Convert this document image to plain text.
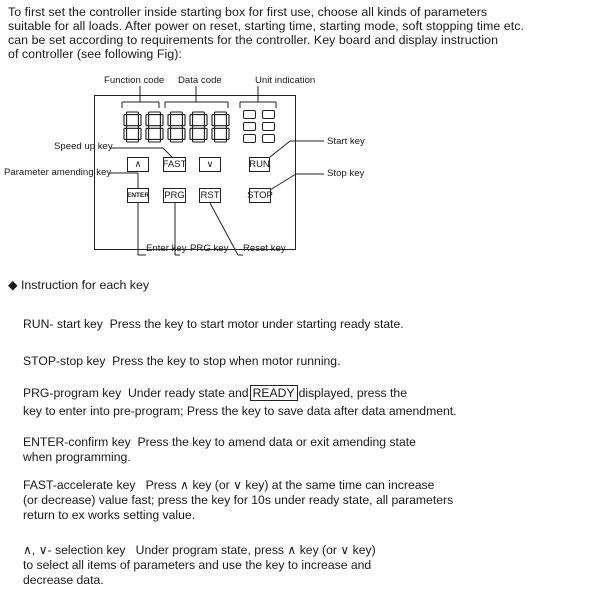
To first set the controller inside starting box for first use, choose all kinds of parameters
suitable for all loads. After power on reset, starting time, starting mode, soft stopping time etc.
can be set according to requirements for the controller. Key board and display instruction
of controller (see following Fig):
∧ FAST ∨	RUN
ENTER PRG RST	STOP
Function code Data code	Unit indication
Speed up key
Parameter amending key
Start key
Stop key
Enter key PRG key Reset key
◆ Instruction for each key
RUN- start key  Press the key to start motor under starting ready state.
STOP-stop key  Press the key to stop when motor running.
PRG-program key  Under ready state and READY displayed, press the
key to enter into pre-program; Press the key to save data after data amendment.
ENTER-confirm key  Press the key to amend data or exit amending state
when programming.
FAST-accelerate key   Press ∧ key (or ∨ key) at the same time can increase
(or decrease) value fast; press the key for 10s under ready state, all parameters
return to ex works setting value.
∧, ∨- selection key   Under program state, press ∧ key (or ∨ key)
to select all items of parameters and use the key to increase and
decrease data.
